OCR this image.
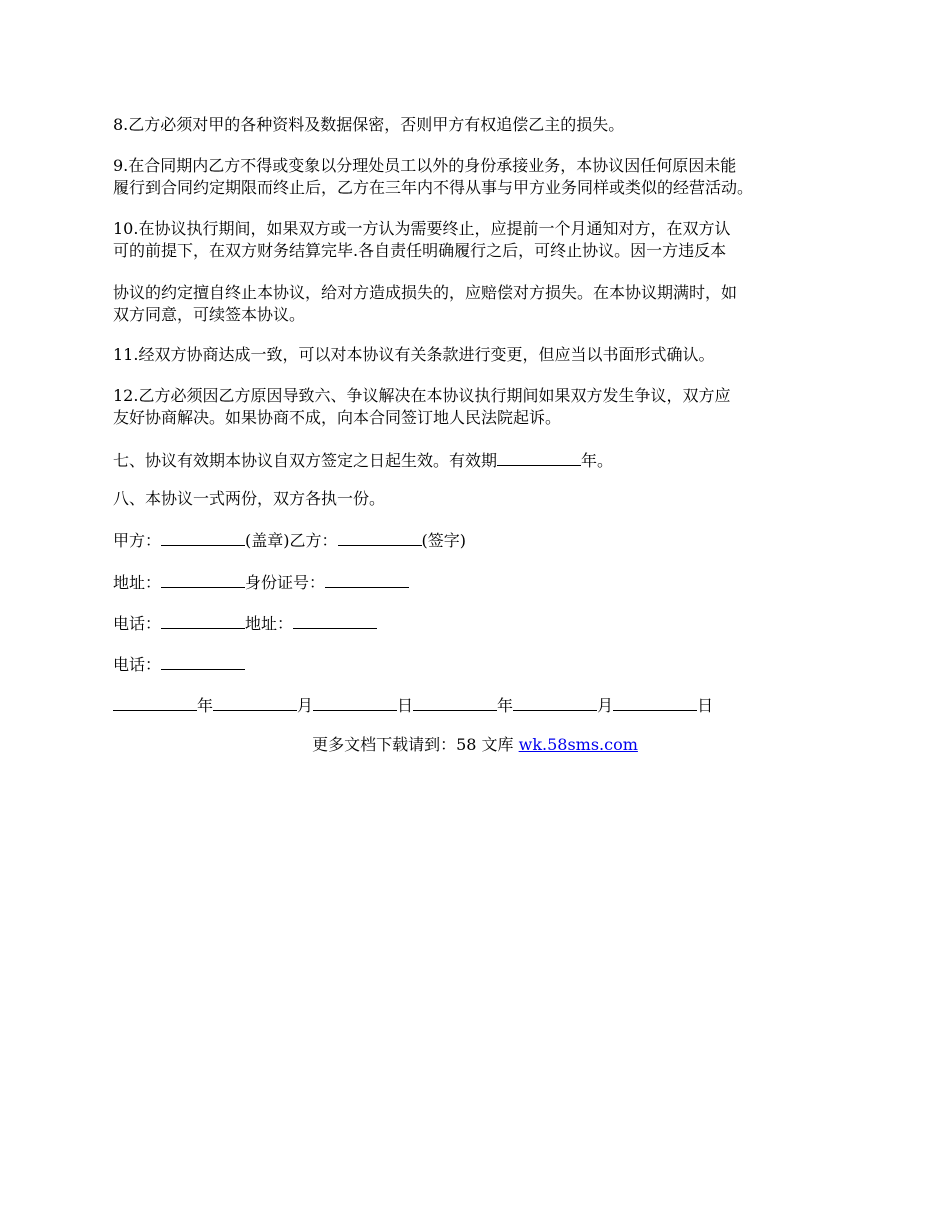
8.乙方必须对甲的各种资料及数据保密，否则甲方有权追偿乙主的损失。
9.在合同期内乙方不得或变象以分理处员工以外的身份承接业务，本协议因任何原因未能
履行到合同约定期限而终止后，乙方在三年内不得从事与甲方业务同样或类似的经营活动。
10.在协议执行期间，如果双方或一方认为需要终止，应提前一个月通知对方，在双方认
可的前提下，在双方财务结算完毕.各自责任明确履行之后，可终止协议。因一方违反本
协议的约定擅自终止本协议，给对方造成损失的，应赔偿对方损失。在本协议期满时，如
双方同意，可续签本协议。
11.经双方协商达成一致，可以对本协议有关条款进行变更，但应当以书面形式确认。
12.乙方必须因乙方原因导致六、争议解决在本协议执行期间如果双方发生争议，双方应
友好协商解决。如果协商不成，向本合同签订地人民法院起诉。
七、协议有效期本协议自双方签定之日起生效。有效期	年。
八、本协议一式两份，双方各执一份。
甲方：	(盖章)乙方：	(签字)
地址：	身份证号：
电话：	地址：
电话：
年	月	日	年	月	日
更多文档下载请到：58 文库 wk.58sms.com
